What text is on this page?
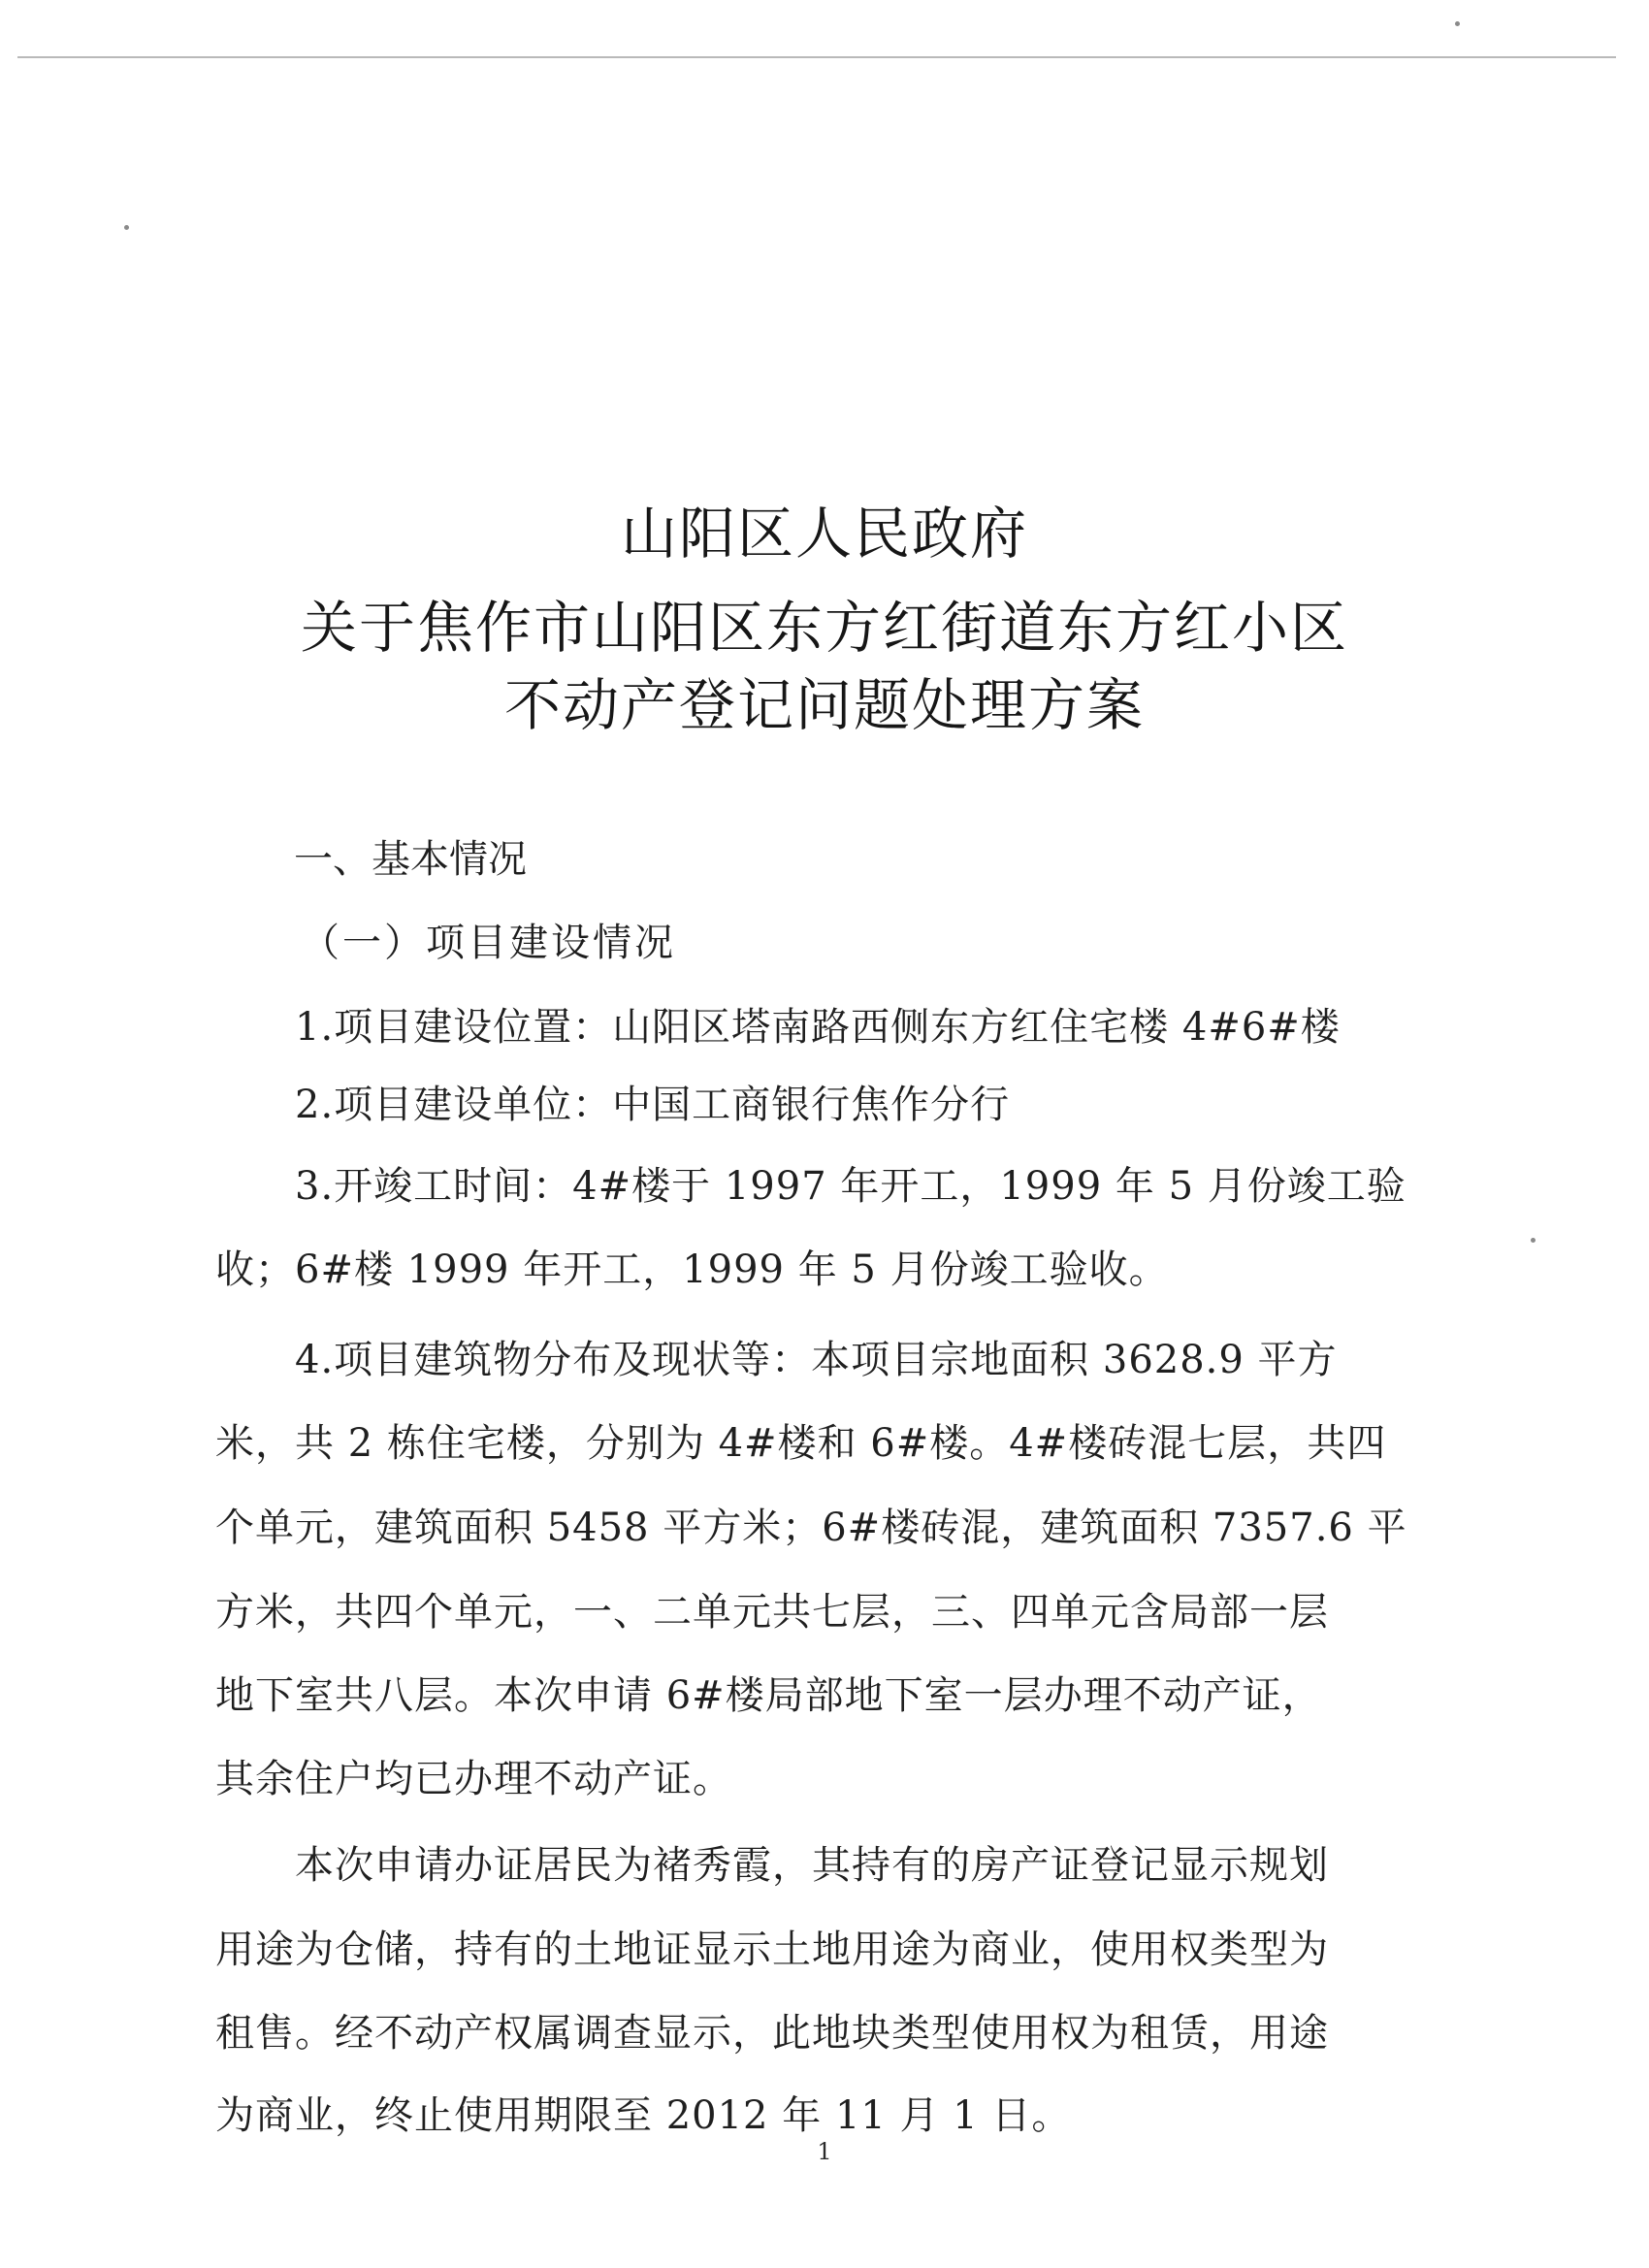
山阳区人民政府
关于焦作市山阳区东方红街道东方红小区
不动产登记问题处理方案
一、基本情况
（一）项目建设情况
1.项目建设位置：山阳区塔南路西侧东方红住宅楼 4#6#楼
2.项目建设单位：中国工商银行焦作分行
3.开竣工时间：4#楼于 1997 年开工，1999 年 5 月份竣工验
收；6#楼 1999 年开工，1999 年 5 月份竣工验收。
4.项目建筑物分布及现状等：本项目宗地面积 3628.9 平方
米，共 2 栋住宅楼，分别为 4#楼和 6#楼。4#楼砖混七层，共四
个单元，建筑面积 5458 平方米；6#楼砖混，建筑面积 7357.6 平
方米，共四个单元，一、二单元共七层，三、四单元含局部一层
地下室共八层。本次申请 6#楼局部地下室一层办理不动产证，
其余住户均已办理不动产证。
本次申请办证居民为褚秀霞，其持有的房产证登记显示规划
用途为仓储，持有的土地证显示土地用途为商业，使用权类型为
租售。经不动产权属调查显示，此地块类型使用权为租赁，用途
为商业，终止使用期限至 2012 年 11 月 1 日。
1
